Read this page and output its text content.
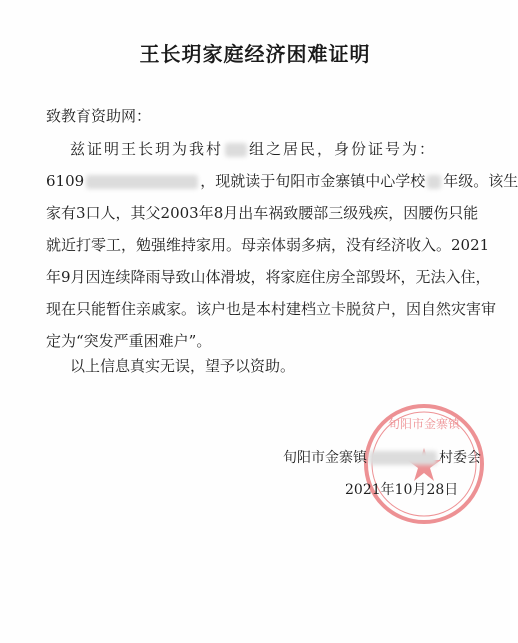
王长玥家庭经济困难证明
致教育资助网：
兹证明王长玥为我村 组之居民，身份证号为：
6109	，现就读于旬阳市金寨镇中心学校 年级。该生
家有3口人，其父2003年8月出车祸致腰部三级残疾，因腰伤只能
就近打零工，勉强维持家用。母亲体弱多病，没有经济收入。2021
年9月因连续降雨导致山体滑坡，将家庭住房全部毁坏，无法入住，
现在只能暂住亲戚家。该户也是本村建档立卡脱贫户，因自然灾害审
定为“突发严重困难户”。
以上信息真实无误，望予以资助。
旬阳市金寨镇
旬阳市金寨镇	村委会
2021年10月28日
